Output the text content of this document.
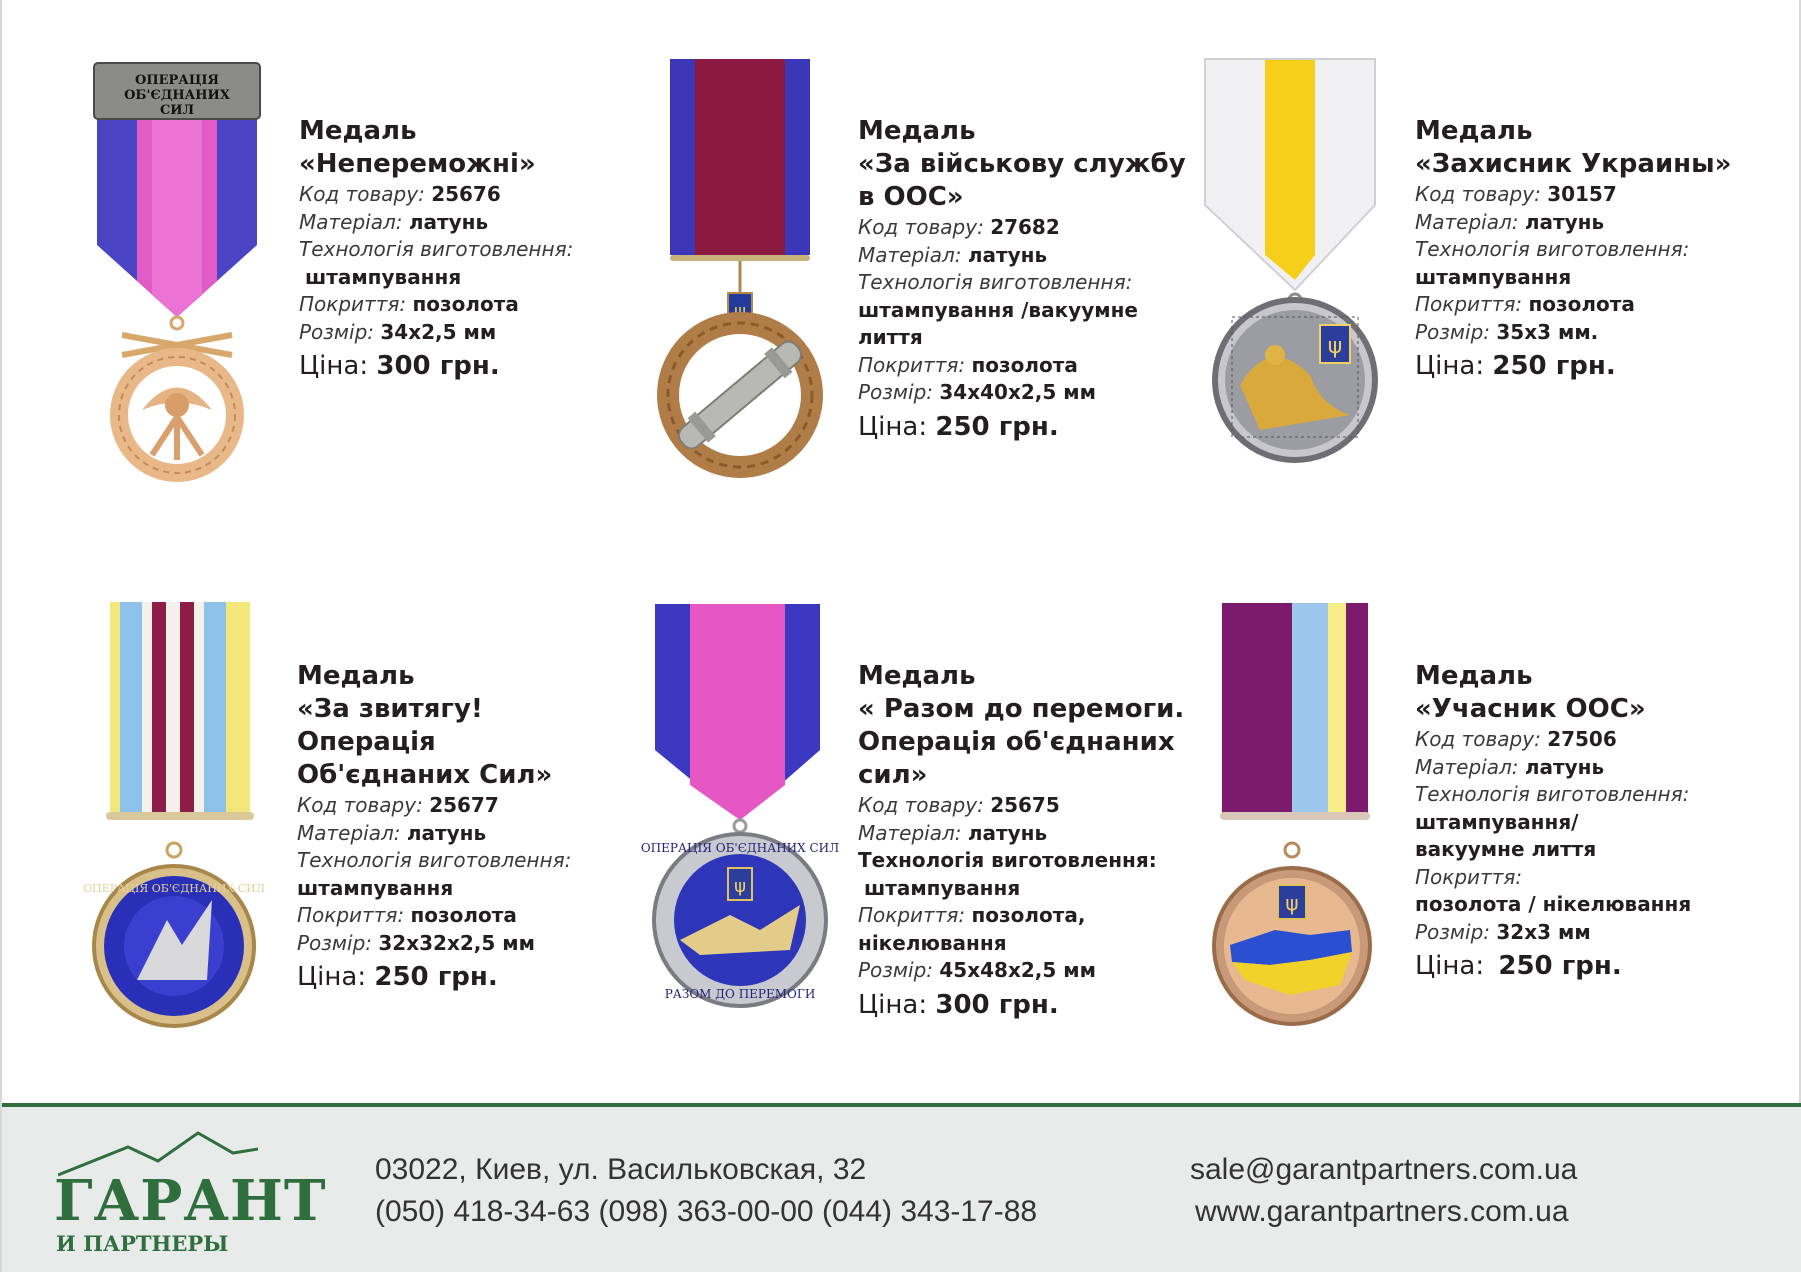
ОПЕРАЦІЯ
ОБ'ЄДНАНИХ
СИЛ
Медаль
«Непереможні»
Код товару: 25676
Матеріал: латунь
Технологія виготовлення:
штампування
Покриття: позолота
Розмір: 34x2,5 мм
Ціна: 300 грн.
ψ
Медаль
«За військову службу
в ООС»
Код товару: 27682
Матеріал: латунь
Технологія виготовлення:
штампування /вакуумне
лиття
Покриття: позолота
Розмір: 34x40x2,5 мм
Ціна: 250 грн.
ψ
Медаль
«Захисник Украины»
Код товару: 30157
Матеріал: латунь
Технологія виготовлення:
штампування
Покриття: позолота
Розмір: 35x3 мм.
Ціна: 250 грн.
ОПЕРАЦІЯ ОБ'ЄДНАНИХ СИЛ
Медаль
«За звитягу! Операція
Об'єднаних Сил»
Код товару: 25677
Матеріал: латунь
Технологія виготовлення:
штампування
Покриття: позолота
Розмір: 32x32x2,5 мм
Ціна: 250 грн.
ОПЕРАЦІЯ ОБ'ЄДНАНИХ СИЛ
РАЗОМ ДО ПЕРЕМОГИ
ψ
Медаль
« Разом до перемоги.
Операція об'єднаних сил»
Код товару: 25675
Матеріал: латунь
Технологія виготовлення:
штампування
Покриття: позолота,
нікелювання
Розмір: 45x48x2,5 мм
Ціна: 300 грн.
ψ
Медаль
«Учасник ООС»
Код товару: 27506
Матеріал: латунь
Технологія виготовлення:
штампування/
вакуумне лиття
Покриття:
позолота / нікелювання
Розмір: 32x3 мм
Ціна: 250 грн.
ГАРАНТ
И ПАРТНЕРЫ
03022, Киев, ул. Васильковская, 32
(050) 418-34-63 (098) 363-00-00 (044) 343-17-88
sale@garantpartners.com.ua
www.garantpartners.com.ua
